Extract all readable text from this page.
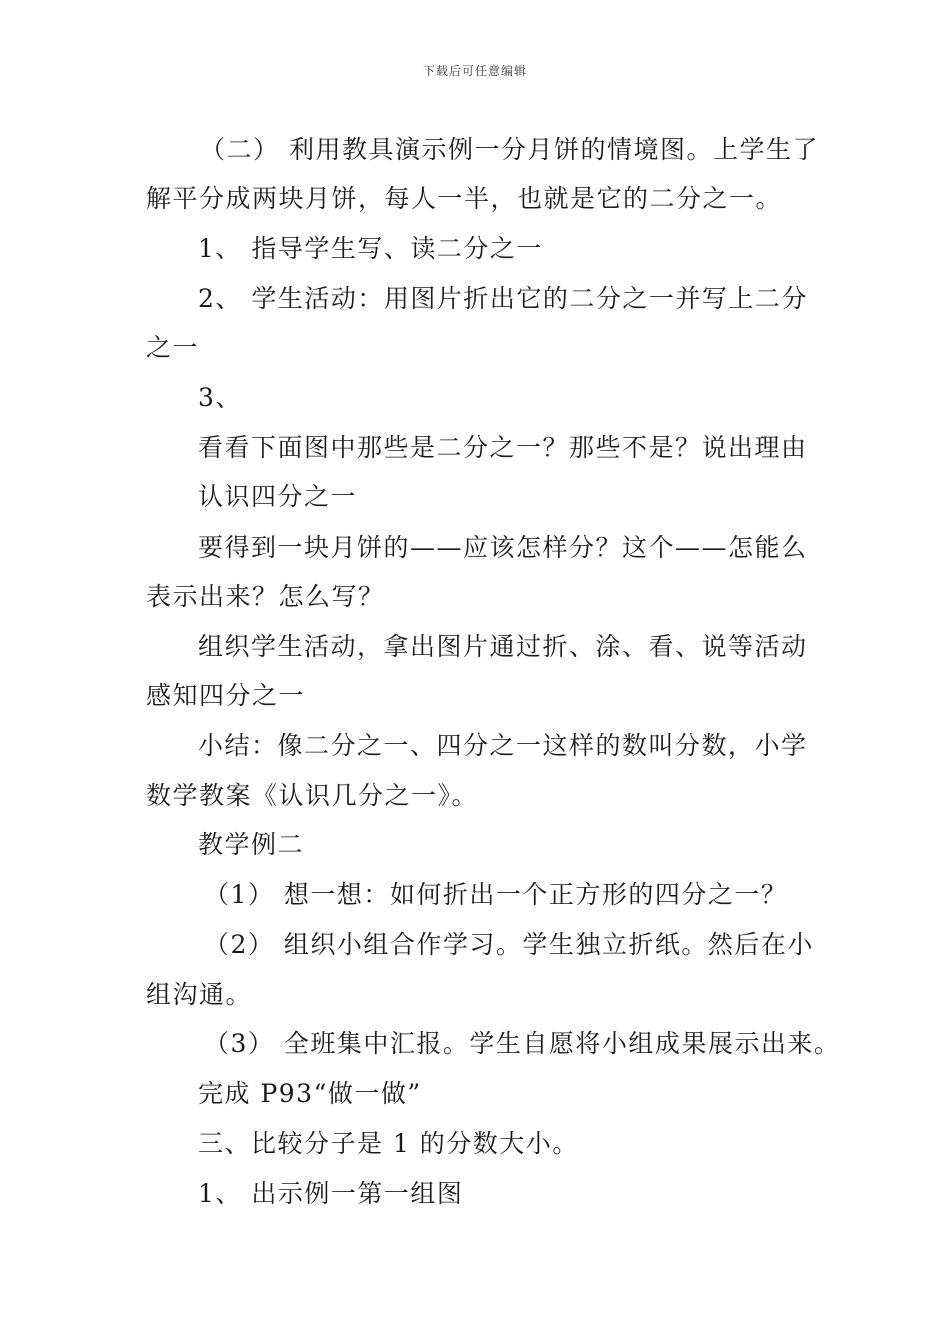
下载后可任意编辑
（二） 利用教具演示例一分月饼的情境图。上学生了
解平分成两块月饼，每人一半，也就是它的二分之一。
1、 指导学生写、读二分之一
2、 学生活动：用图片折出它的二分之一并写上二分
之一
3、
看看下面图中那些是二分之一？那些不是？说出理由
认识四分之一
要得到一块月饼的——应该怎样分？这个——怎能么
表示出来？怎么写？
组织学生活动，拿出图片通过折、涂、看、说等活动
感知四分之一
小结：像二分之一、四分之一这样的数叫分数，小学
数学教案《认识几分之一》。
教学例二
（1） 想一想：如何折出一个正方形的四分之一？
（2） 组织小组合作学习。学生独立折纸。然后在小
组沟通。
（3） 全班集中汇报。学生自愿将小组成果展示出来。
完成 P93“做一做”
三、比较分子是 1 的分数大小。
1、 出示例一第一组图
